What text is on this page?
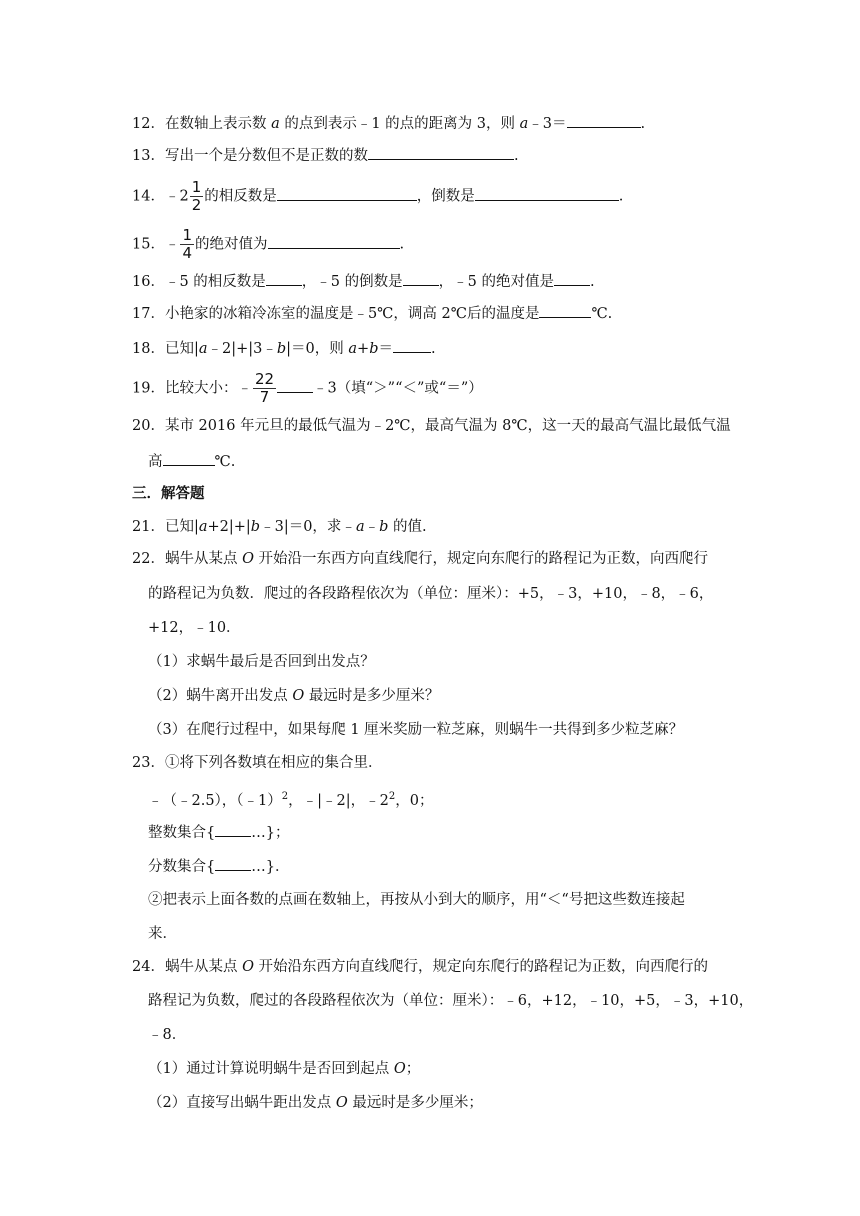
12．在数轴上表示数 a 的点到表示﹣1 的点的距离为 3，则 a﹣3＝	.
13．写出一个是分数但不是正数的数	.
14．﹣2 $\frac{1}{2}$ 的相反数是	，倒数是	.
15．﹣ $\frac{1}{4}$ 的绝对值为	.
16．﹣5 的相反数是 ，﹣5 的倒数是 ，﹣5 的绝对值是 .
17．小艳家的冰箱冷冻室的温度是﹣5℃，调高 2℃后的温度是	℃.
18．已知|a﹣2|+|3﹣b|＝0，则 a+b＝	.
19．比较大小：﹣ $\frac{22}{7}$	﹣3（填“＞”“＜”或“＝”）
20．某市 2016 年元旦的最低气温为﹣2℃，最高气温为 8℃，这一天的最高气温比最低气温
高	℃.
三．解答题
21．已知|a+2|+|b﹣3|＝0，求﹣a﹣b 的值.
22．蜗牛从某点 O 开始沿一东西方向直线爬行，规定向东爬行的路程记为正数，向西爬行
的路程记为负数．爬过的各段路程依次为（单位：厘米）：+5，﹣3，+10，﹣8，﹣6，
+12，﹣10．
（1）求蜗牛最后是否回到出发点？
（2）蜗牛离开出发点 O 最远时是多少厘米？
（3）在爬行过程中，如果每爬 1 厘米奖励一粒芝麻，则蜗牛一共得到多少粒芝麻？
23．①将下列各数填在相应的集合里．
﹣（﹣2.5），（﹣1）$^2$，﹣|﹣2|，$﹣2^2$，0；
整数集合{ …}；
分数集合{ …}．
②把表示上面各数的点画在数轴上，再按从小到大的顺序，用“＜“号把这些数连接起
来．
24．蜗牛从某点 O 开始沿东西方向直线爬行，规定向东爬行的路程记为正数，向西爬行的
路程记为负数，爬过的各段路程依次为（单位：厘米）：﹣6，+12，﹣10，+5，﹣3，+10，
﹣8．
（1）通过计算说明蜗牛是否回到起点 O；
（2）直接写出蜗牛距出发点 O 最远时是多少厘米；
